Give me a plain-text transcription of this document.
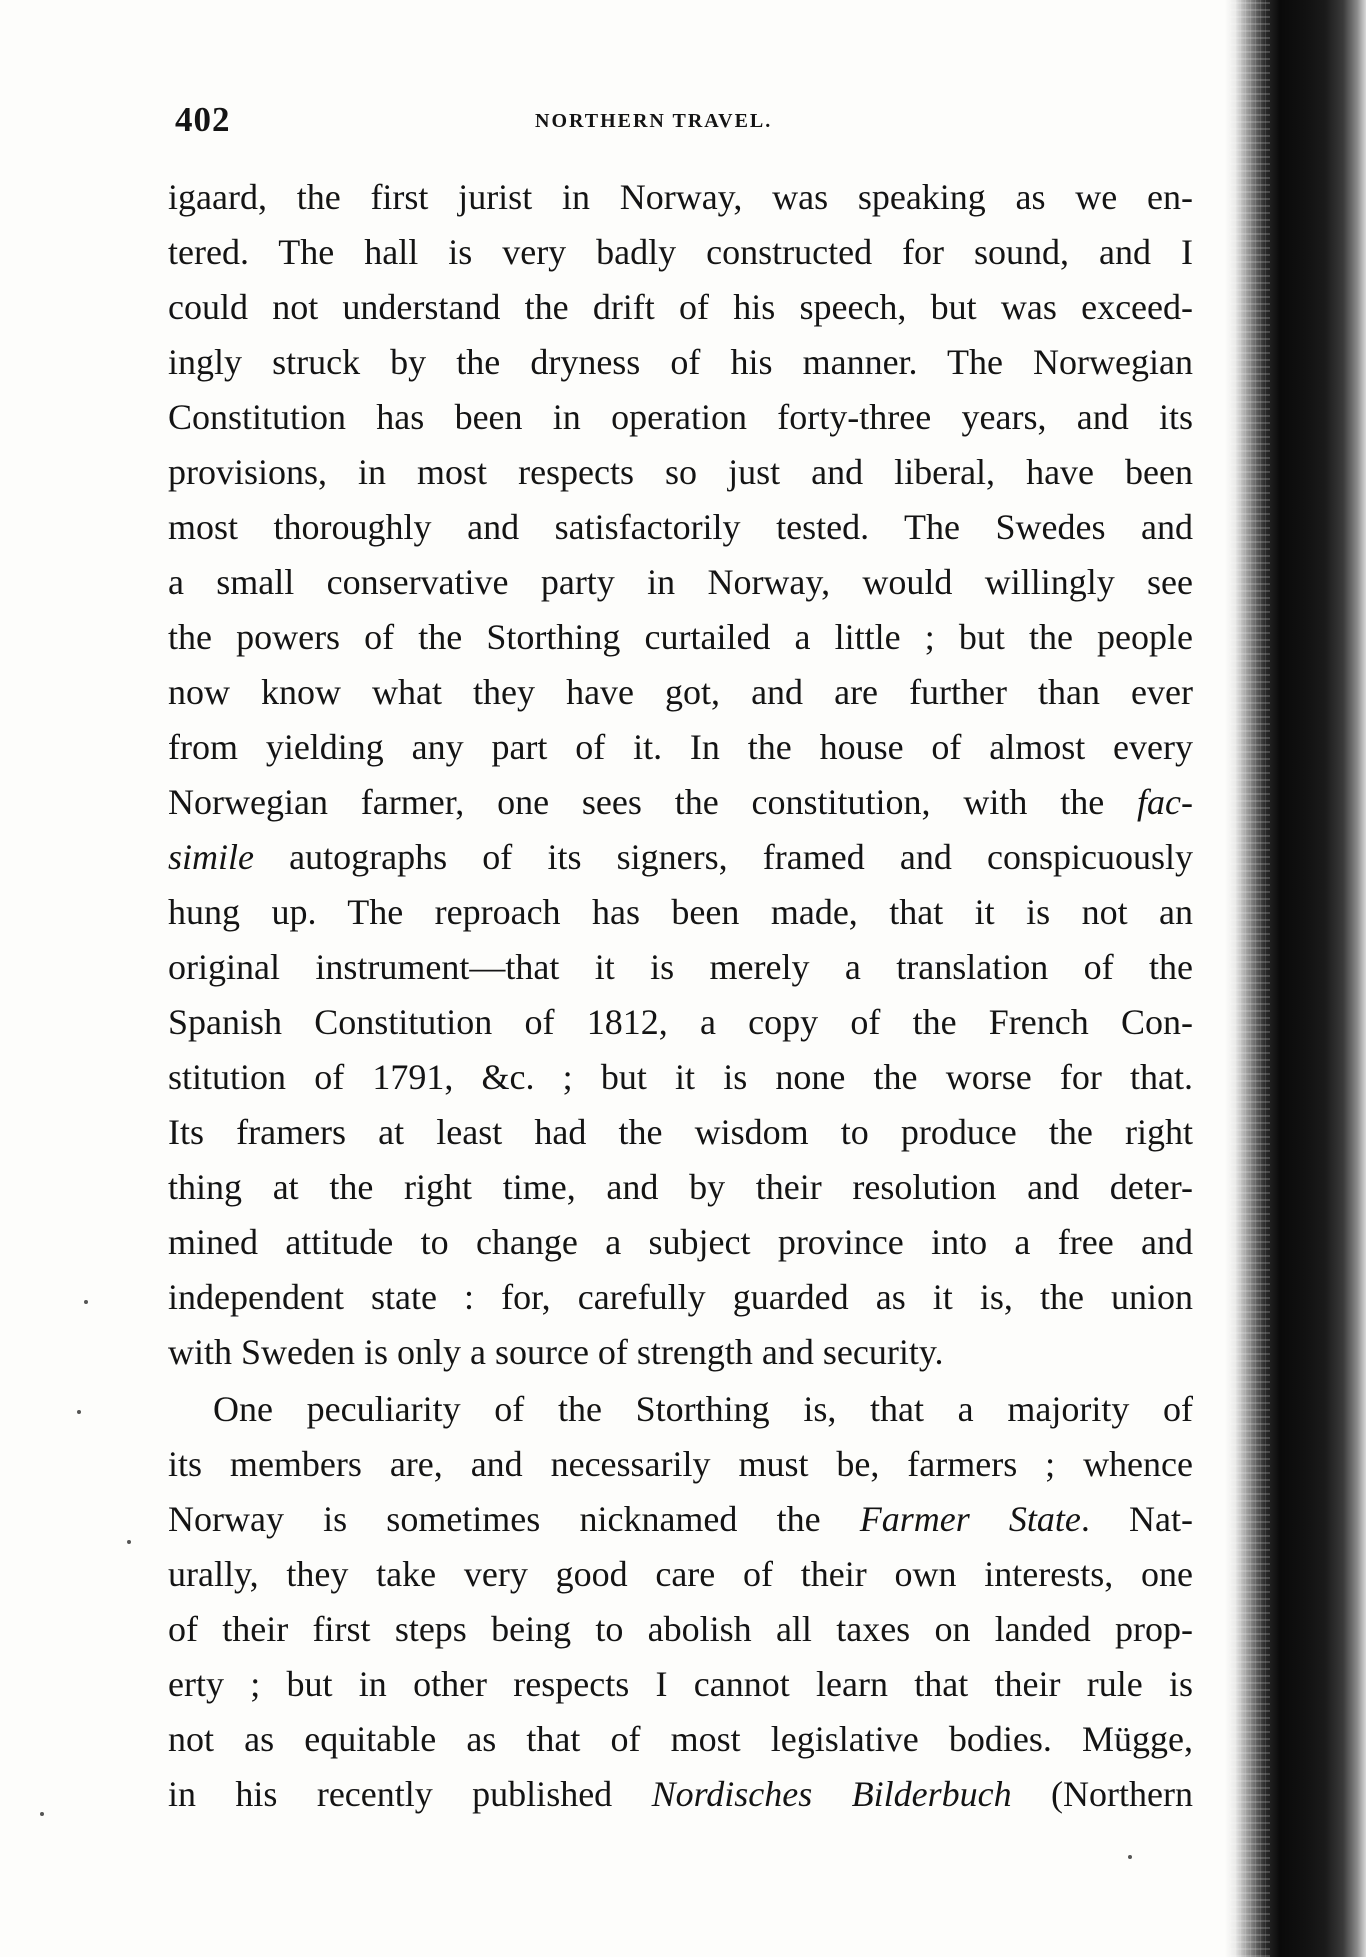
402	NORTHERN TRAVEL.
igaard, the first jurist in Norway, was speaking as we en-
tered. The hall is very badly constructed for sound, and I
could not understand the drift of his speech, but was exceed-
ingly struck by the dryness of his manner. The Norwegian
Constitution has been in operation forty-three years, and its
provisions, in most respects so just and liberal, have been
most thoroughly and satisfactorily tested. The Swedes and
a small conservative party in Norway, would willingly see
the powers of the Storthing curtailed a little ; but the people
now know what they have got, and are further than ever
from yielding any part of it. In the house of almost every
Norwegian farmer, one sees the constitution, with the fac-
simile autographs of its signers, framed and conspicuously
hung up. The reproach has been made, that it is not an
original instrument—that it is merely a translation of the
Spanish Constitution of 1812, a copy of the French Con-
stitution of 1791, &c. ; but it is none the worse for that.
Its framers at least had the wisdom to produce the right
thing at the right time, and by their resolution and deter-
mined attitude to change a subject province into a free and
independent state : for, carefully guarded as it is, the union
with Sweden is only a source of strength and security.
One peculiarity of the Storthing is, that a majority of
its members are, and necessarily must be, farmers ; whence
Norway is sometimes nicknamed the Farmer State. Nat-
urally, they take very good care of their own interests, one
of their first steps being to abolish all taxes on landed prop-
erty ; but in other respects I cannot learn that their rule is
not as equitable as that of most legislative bodies. Mügge,
in his recently published Nordisches Bilderbuch (Northern
